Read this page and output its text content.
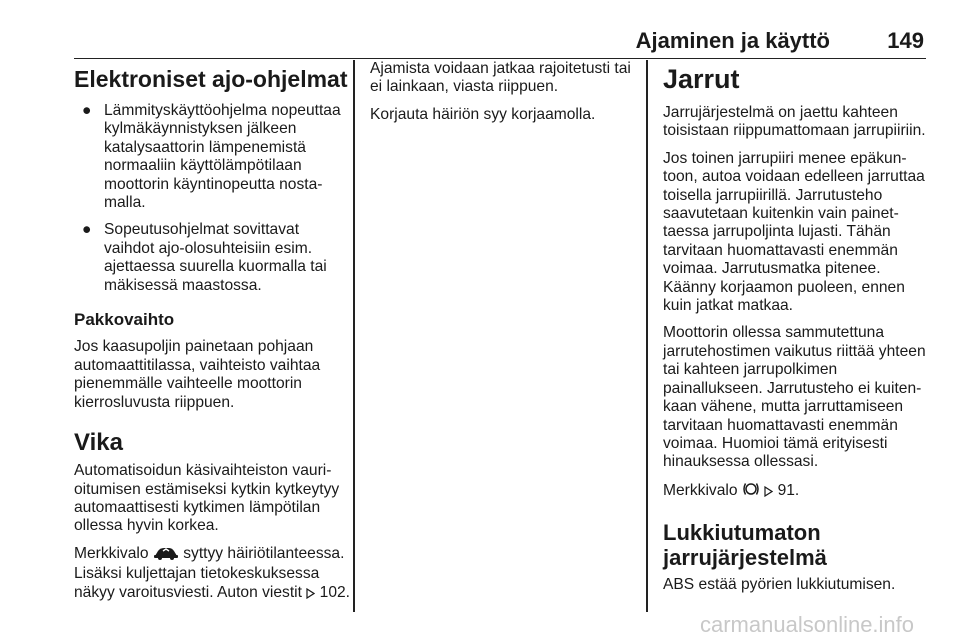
Ajaminen ja käyttö	149
Elektroniset ajo-ohjelmat
● Lämmityskäyttöohjelma nopeuttaa kylmäkäynnistyksen jälkeen katalysaattorin lämpenemistä normaaliin käyttölämpötilaan moottorin käyntinopeutta nostamalla.
● Sopeutusohjelmat sovittavat vaihdot ajo-olosuhteisiin esim. ajettaessa suurella kuormalla tai mäkisessä maastossa.
Pakkovaihto

Jos kaasupoljin painetaan pohjaan automaattitilassa, vaihteisto vaihtaa pienemmälle vaihteelle moottorin kierrosluvusta riippuen.

Vika

Automatisoidun käsivaihteiston vaurioitumisen estämiseksi kytkin kytkeytyy automaattisesti kytkimen lämpötilan ollessa hyvin korkea.

Merkkivalo syttyy häiriötilanteessa. Lisäksi kuljettajan tietokeskuksessa näkyy varoitusviesti. Auton viestit 102.

Ajamista voidaan jatkaa rajoitetusti tai ei lainkaan, viasta riippuen.

Korjauta häiriön syy korjaamolla.

Jarrut

Jarrujärjestelmä on jaettu kahteen toisistaan riippumattomaan jarrupiiriin.

Jos toinen jarrupiiri menee epäkuntoon, autoa voidaan edelleen jarruttaa toisella jarrupiirillä. Jarrutusteho saavutetaan kuitenkin vain painettaessa jarrupoljinta lujasti. Tähän tarvitaan huomattavasti enemmän voimaa. Jarrutusmatka pitenee. Käänny korjaamon puoleen, ennen kuin jatkat matkaa.

Moottorin ollessa sammutettuna jarrutehostimen vaikutus riittää yhteen tai kahteen jarrupolkimen painallukseen. Jarrutusteho ei kuitenkaan vähene, mutta jarruttamiseen tarvitaan huomattavasti enemmän voimaa. Huomioi tämä erityisesti hinauksessa ollessasi.

Merkkivalo	91.

Lukkiutumaton
jarrujärjestelmä

ABS estää pyörien lukkiutumisen.

carmanualsonline.info
